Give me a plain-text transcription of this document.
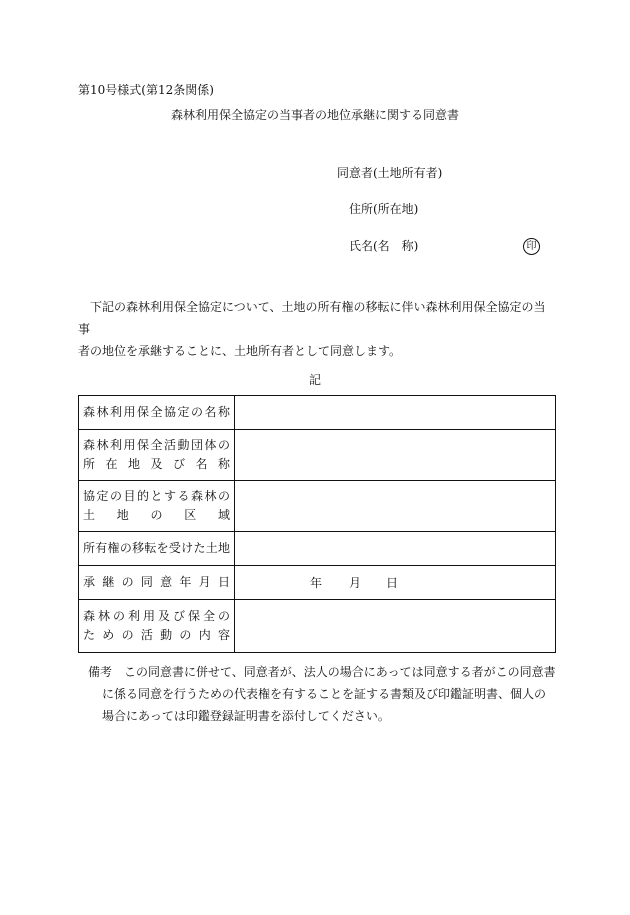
第10号様式(第12条関係)
森林利用保全協定の当事者の地位承継に関する同意書
同意者(土地所有者)
住所(所在地)
氏名(名　称)	印

下記の森林利用保全協定について、土地の所有権の移転に伴い森林利用保全協定の当事

者の地位を承継することに、土地所有者として同意します。

記
森林利用保全協定の名称	

森林利用保全活動団体の
所在地及び名称	

協定の目的とする森林の
土地の区域	

所有権の移転を受けた土地	

承継の同意年月日	年 月 日

森林の利用及び保全の
ための活動の内容	

備考 この同意書に併せて、同意者が、法人の場合にあっては同意する者がこの同意書
に係る同意を行うための代表権を有することを証する書類及び印鑑証明書、個人の
場合にあっては印鑑登録証明書を添付してください。
